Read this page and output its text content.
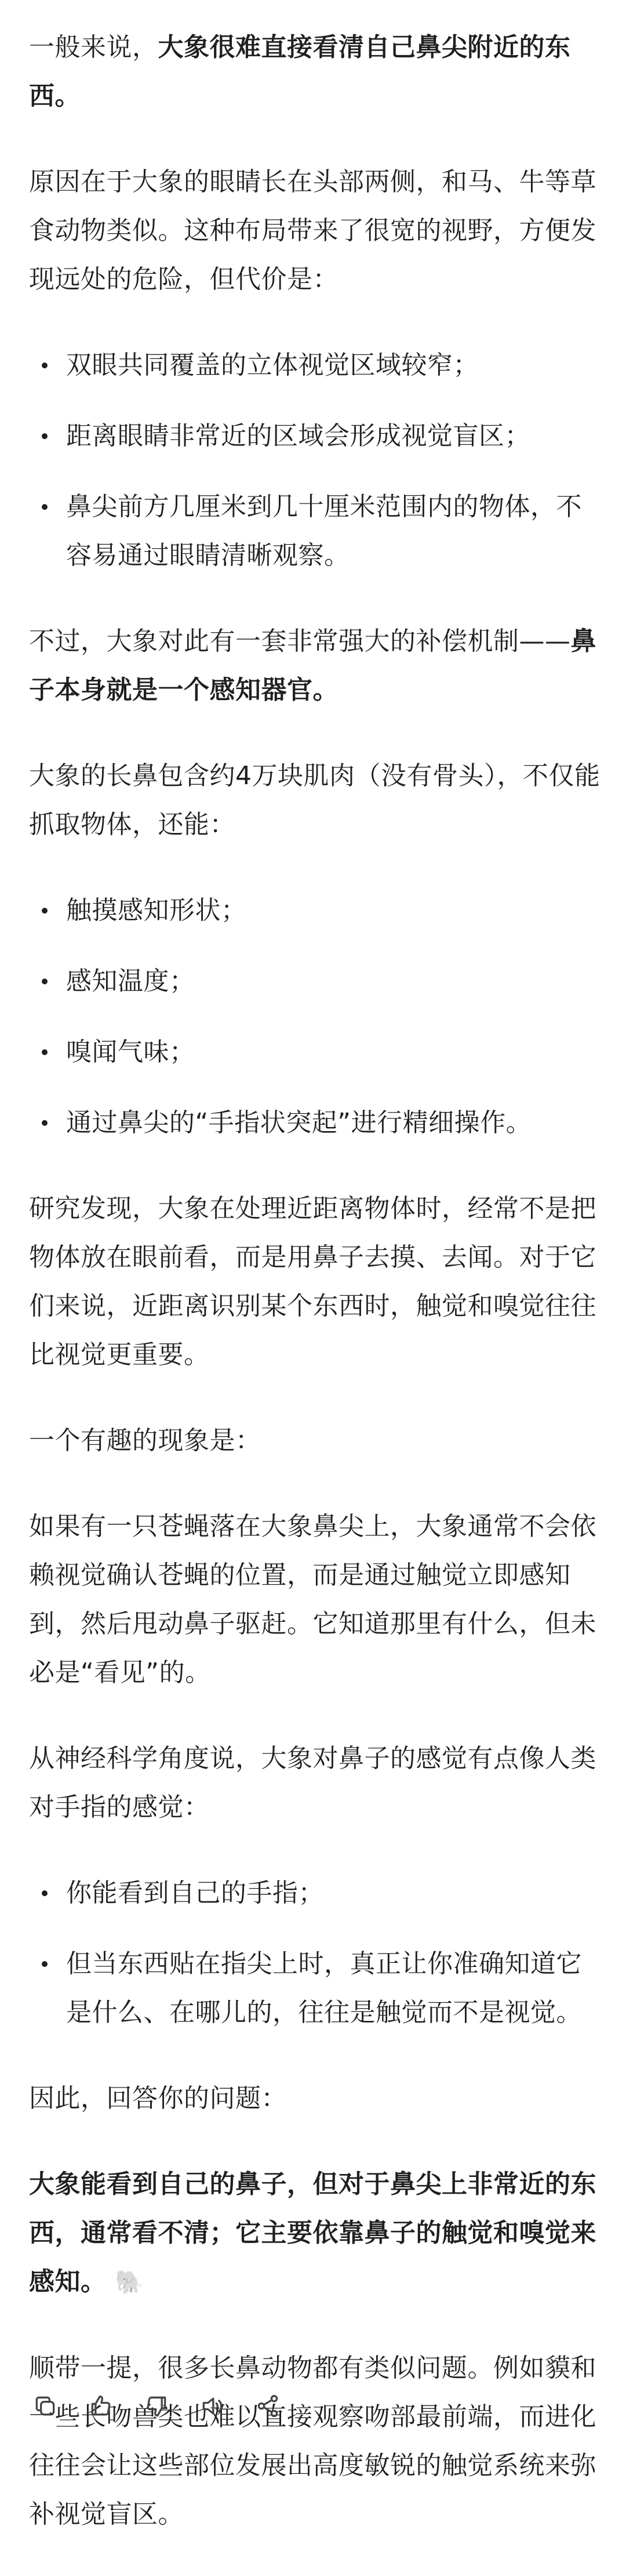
一般来说，大象很难直接看清自己鼻尖附近的东西。

原因在于大象的眼睛长在头部两侧，和马、牛等草食动物类似。这种布局带来了很宽的视野，方便发现远处的危险，但代价是：

双眼共同覆盖的立体视觉区域较窄；
距离眼睛非常近的区域会形成视觉盲区；
鼻尖前方几厘米到几十厘米范围内的物体，不容易通过眼睛清晰观察。

不过，大象对此有一套非常强大的补偿机制——鼻子本身就是一个感知器官。

大象的长鼻包含约4万块肌肉（没有骨头），不仅能抓取物体，还能：

触摸感知形状；
感知温度；
嗅闻气味；
通过鼻尖的“手指状突起”进行精细操作。

研究发现，大象在处理近距离物体时，经常不是把物体放在眼前看，而是用鼻子去摸、去闻。对于它们来说，近距离识别某个东西时，触觉和嗅觉往往比视觉更重要。

一个有趣的现象是：

如果有一只苍蝇落在大象鼻尖上，大象通常不会依赖视觉确认苍蝇的位置，而是通过触觉立即感知到，然后甩动鼻子驱赶。它知道那里有什么，但未必是“看见”的。

从神经科学角度说，大象对鼻子的感觉有点像人类对手指的感觉：

你能看到自己的手指；
但当东西贴在指尖上时，真正让你准确知道它是什么、在哪儿的，往往是触觉而不是视觉。

因此，回答你的问题：

大象能看到自己的鼻子，但对于鼻尖上非常近的东西，通常看不清；它主要依靠鼻子的触觉和嗅觉来感知。 🐘

顺带一提，很多长鼻动物都有类似问题。例如貘和一些长吻兽类也难以直接观察吻部最前端，而进化往往会让这些部位发展出高度敏锐的触觉系统来弥补视觉盲区。
